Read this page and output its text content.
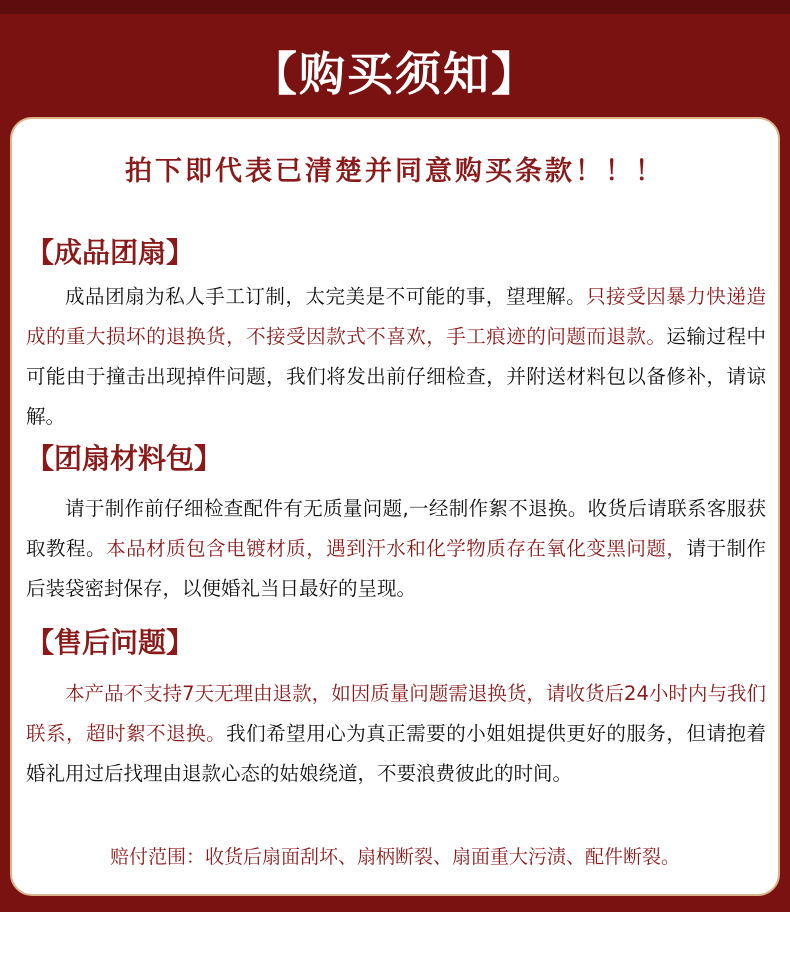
【购买须知】
拍下即代表已清楚并同意购买条款！！！
【成品团扇】

成品团扇为私人手工订制，太完美是不可能的事，望理解。只接受因暴力快递造成的重大损坏的退换货，不接受因款式不喜欢，手工痕迹的问题而退款。运输过程中可能由于撞击出现掉件问题，我们将发出前仔细检查，并附送材料包以备修补，请谅解。

【团扇材料包】

请于制作前仔细检查配件有无质量问题,一经制作絮不退换。收货后请联系客服获取教程。本品材质包含电镀材质，遇到汗水和化学物质存在氧化变黑问题，请于制作后装袋密封保存，以便婚礼当日最好的呈现。

【售后问题】

本产品不支持7天无理由退款，如因质量问题需退换货，请收货后24小时内与我们联系，超时絮不退换。我们希望用心为真正需要的小姐姐提供更好的服务，但请抱着婚礼用过后找理由退款心态的姑娘绕道，不要浪费彼此的时间。

赔付范围：收货后扇面刮坏、扇柄断裂、扇面重大污渍、配件断裂。
